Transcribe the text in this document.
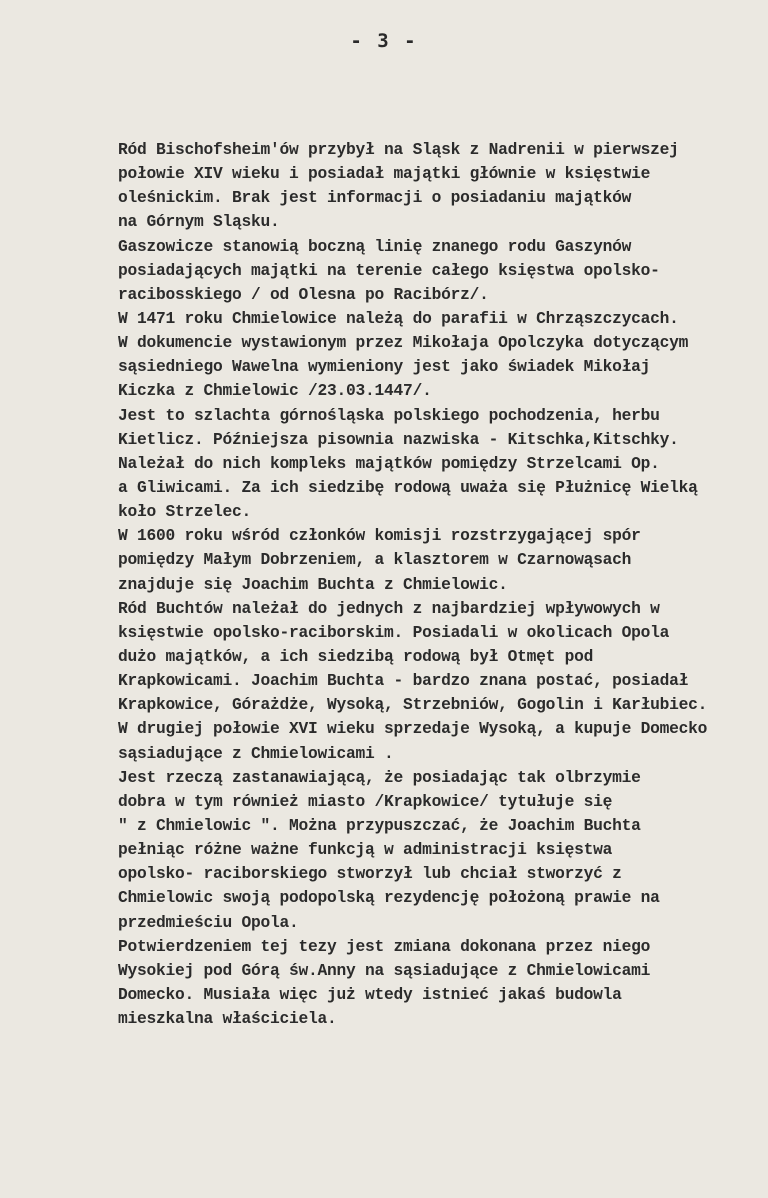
- 3 -
Ród Bischofsheim'ów przybył na Sląsk z Nadrenii w pierwszej
połowie XIV wieku i posiadał majątki głównie w księstwie
oleśnickim. Brak jest informacji o posiadaniu majątków
na Górnym Sląsku.
Gaszowicze stanowią boczną linię znanego rodu Gaszynów
posiadających majątki na terenie całego księstwa opolsko-
racibosskiego / od Olesna po Racibórz/.
W 1471 roku Chmielowice należą do parafii w Chrząszczycach.
W dokumencie wystawionym przez Mikołaja Opolczyka dotyczącym
sąsiedniego Wawelna wymieniony jest jako świadek Mikołaj
Kiczka z Chmielowic /23.03.1447/.
Jest to szlachta górnośląska polskiego pochodzenia, herbu
Kietlicz. Późniejsza pisownia nazwiska - Kitschka,Kitschky.
Należał do nich kompleks majątków pomiędzy Strzelcami Op.
a Gliwicami. Za ich siedzibę rodową uważa się Płużnicę Wielką
koło Strzelec.
W 1600 roku wśród członków komisji rozstrzygającej spór
pomiędzy Małym Dobrzeniem, a klasztorem w Czarnowąsach
znajduje się Joachim Buchta z Chmielowic.
Ród Buchtów należał do jednych z najbardziej wpływowych w
księstwie opolsko-raciborskim. Posiadali w okolicach Opola
dużo majątków, a ich siedzibą rodową był Otmęt pod
Krapkowicami. Joachim Buchta - bardzo znana postać, posiadał
Krapkowice, Górażdże, Wysoką, Strzebniów, Gogolin i Karłubiec.
W drugiej połowie XVI wieku sprzedaje Wysoką, a kupuje Domecko
sąsiadujące z Chmielowicami .
Jest rzeczą zastanawiającą, że posiadając tak olbrzymie
dobra w tym również miasto /Krapkowice/ tytułuje się
" z Chmielowic ". Można przypuszczać, że Joachim Buchta
pełniąc różne ważne funkcją w administracji księstwa
opolsko- raciborskiego stworzył lub chciał stworzyć z
Chmielowic swoją podopolską rezydencję położoną prawie na
przedmieściu Opola.
Potwierdzeniem tej tezy jest zmiana dokonana przez niego
Wysokiej pod Górą św.Anny na sąsiadujące z Chmielowicami
Domecko. Musiała więc już wtedy istnieć jakaś budowla
mieszkalna właściciela.
